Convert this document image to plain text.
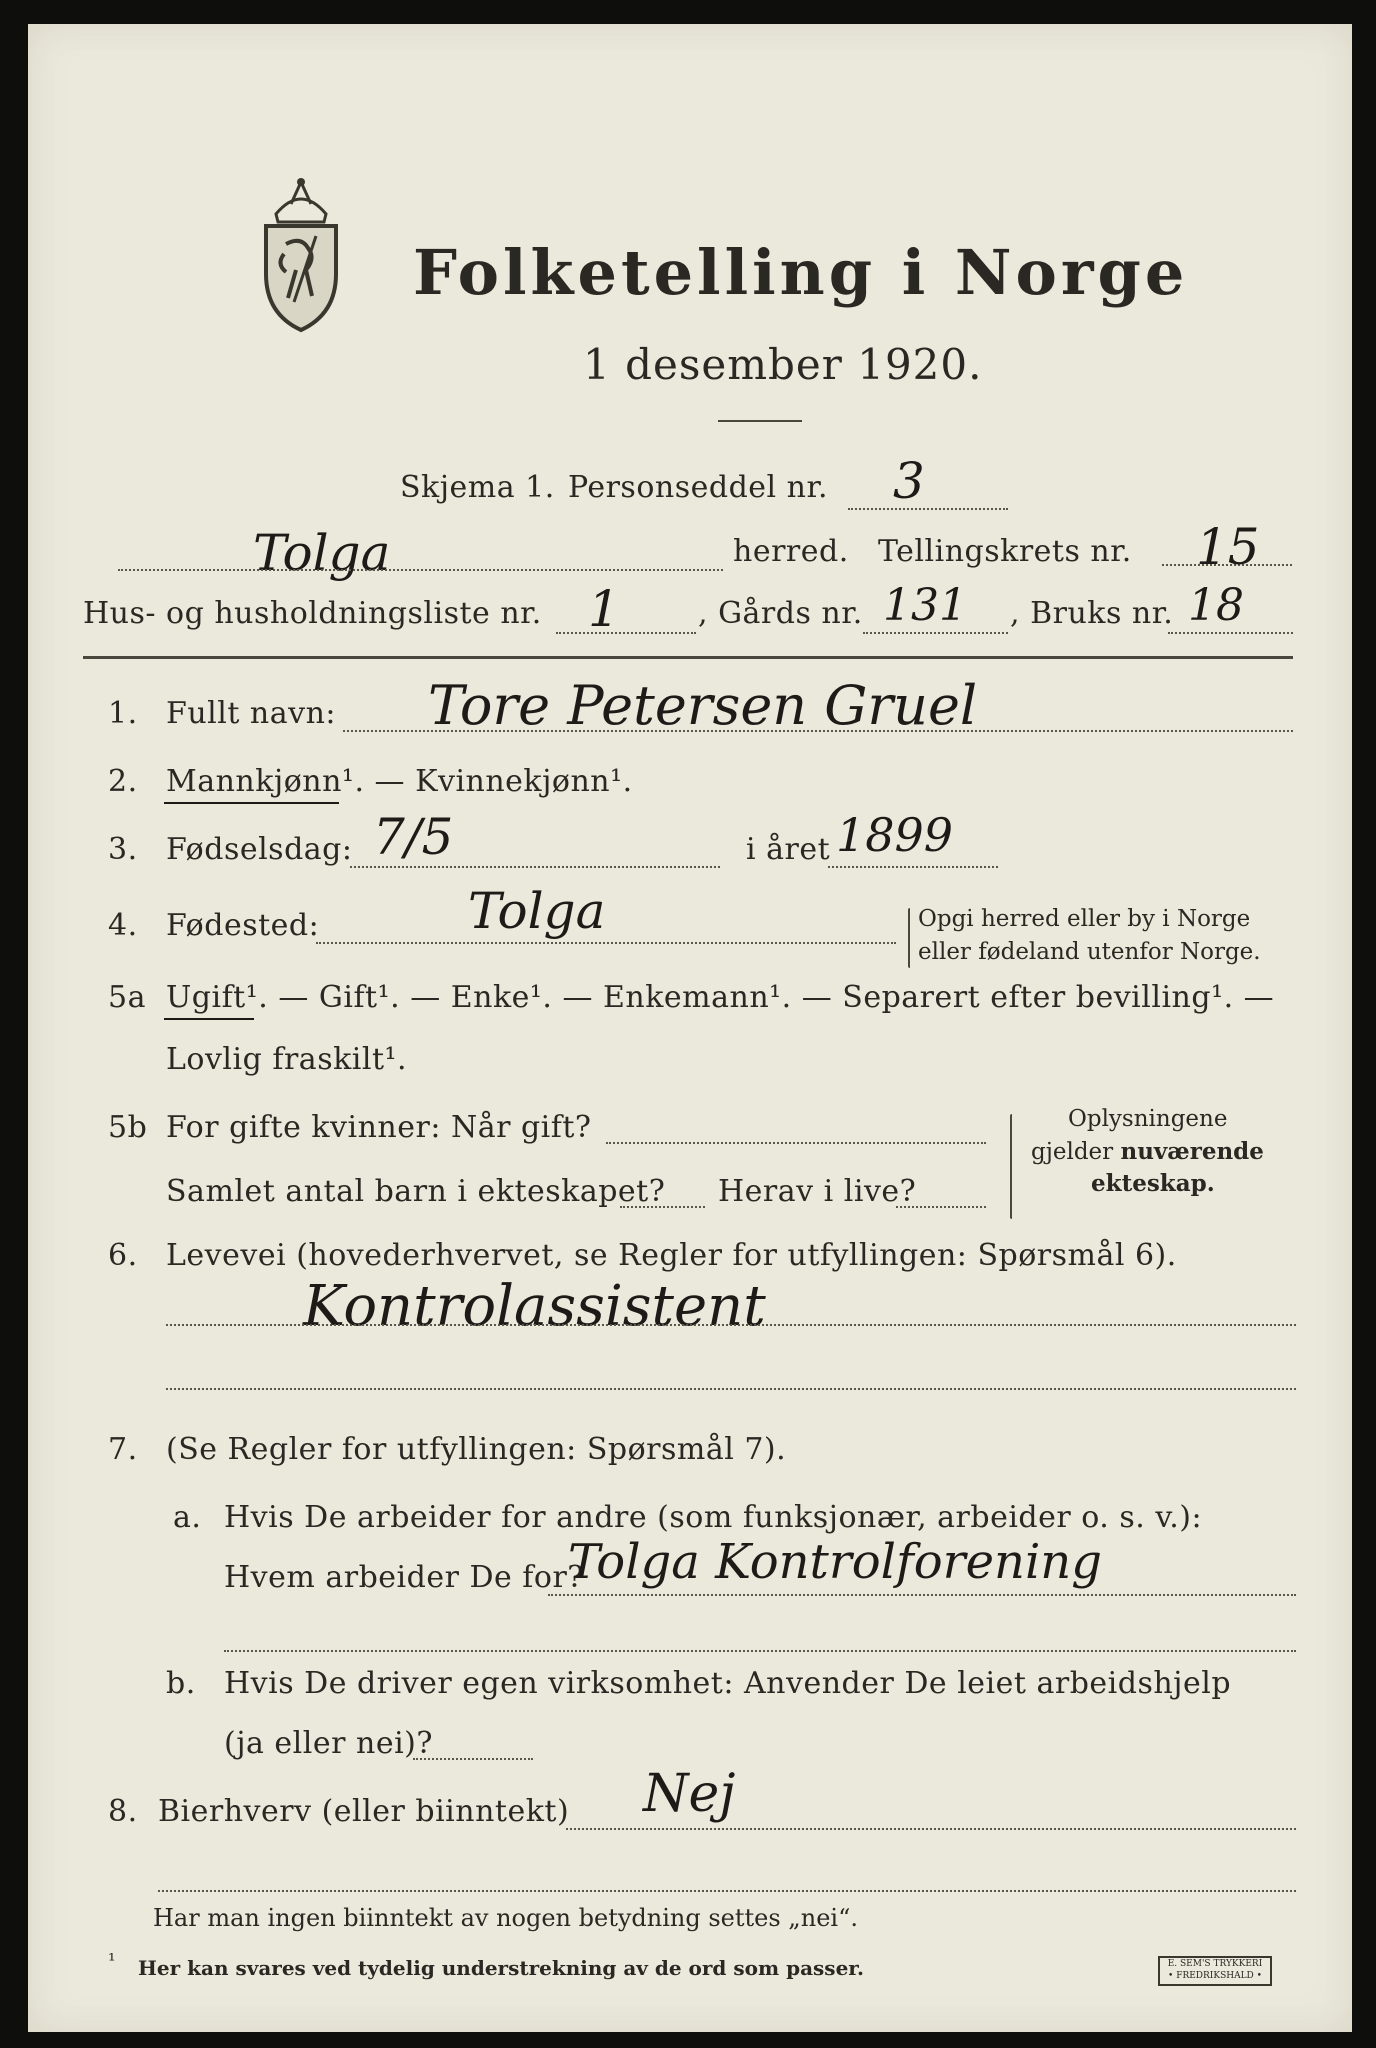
Folketelling i Norge
1 desember 1920.
Skjema 1. Personseddel nr. 3
Tolga	herred. Tellingskrets nr. 15
Hus- og husholdningsliste nr. 1	, Gårds nr. 131 , Bruks nr. 18
1. Fullt navn: Tore Petersen Gruel
2. Mannkjønn¹. — Kvinnekjønn¹.
3. Fødselsdag: 7/5	i året 1899
4. Fødested:	Tolga	Opgi herred eller by i Norge
eller fødeland utenfor Norge.
5a Ugift¹. — Gift¹. — Enke¹. — Enkemann¹. — Separert efter bevilling¹. —
Lovlig fraskilt¹.
5b For gifte kvinner: Når gift?
Samlet antal barn i ekteskapet? Herav i live?
Oplysningene
gjelder nuværende
ekteskap.
6. Levevei (hovederhvervet, se Regler for utfyllingen: Spørsmål 6).
Kontrolassistent
7. (Se Regler for utfyllingen: Spørsmål 7).
a. Hvis De arbeider for andre (som funksjonær, arbeider o. s. v.):
Hvem arbeider De for?
Tolga Kontrolforening
b. Hvis De driver egen virksomhet: Anvender De leiet arbeidshjelp
(ja eller nei)?
8. Bierhverv (eller biinntekt) Nej
Har man ingen biinntekt av nogen betydning settes „nei“.
¹ Her kan svares ved tydelig understrekning av de ord som passer.	E. SEM'S TRYKKERI
• FREDRIKSHALD •
